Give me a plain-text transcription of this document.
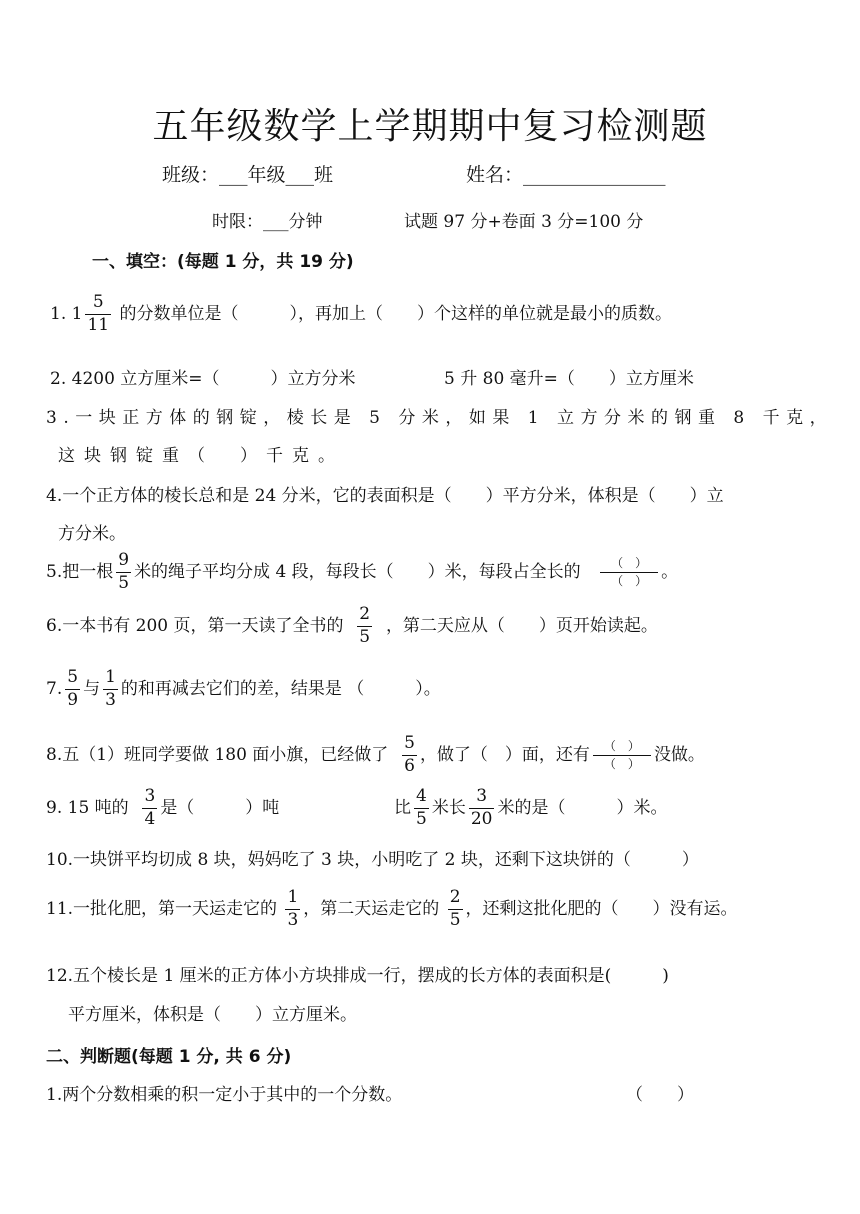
五年级数学上学期期中复习检测题
班级：___年级___班	姓名：_______________
时限：___分钟	试题 97 分+卷面 3 分=100 分
一、填空：(每题 1 分，共 19 分)
1. $1 \frac{5}{11}$ 的分数单位是（　　　），再加上（　　）个这样的单位就是最小的质数。
2. 4200 立方厘米=（　　　）立方分米	5 升 80 毫升=（　　）立方厘米
3.一块正方体的钢锭，棱长是 5 分米，如果 1 立方分米的钢重 8 千克，
这块钢锭重（　）千克。
4.一个正方体的棱长总和是 24 分米，它的表面积是（　　）平方分米，体积是（　　）立
方分米。
5.把一根 $\frac{9}{5}$ 米的绳子平均分成 4 段，每段长（　　）米，每段占全长的 $\frac{( )}{( )}$ 。
6.一本书有 200 页，第一天读了全书的 $\frac{2}{5}$ ，第二天应从（　　）页开始读起。
7. $\frac{5}{9}$ 与 $\frac{1}{3}$ 的和再减去它们的差，结果是 （　　　）。
8.五（1）班同学要做 180 面小旗，已经做了 $\frac{5}{6}$ ，做了（　）面，还有 $\frac{( )}{( )}$ 没做。
9. 15 吨的 $\frac{3}{4}$ 是（　　　）吨	比 $\frac{4}{5}$ 米长 $\frac{3}{20}$ 米的是（　　　）米。
10.一块饼平均切成 8 块，妈妈吃了 3 块，小明吃了 2 块，还剩下这块饼的（　　　）
11.一批化肥，第一天运走它的 $\frac{1}{3}$ ，第二天运走它的 $\frac{2}{5}$ ，还剩这批化肥的（　　）没有运。
12.五个棱长是 1 厘米的正方体小方块排成一行，摆成的长方体的表面积是(　　　)
平方厘米，体积是（　　）立方厘米。
二、判断题(每题 1 分, 共 6 分)
1.两个分数相乘的积一定小于其中的一个分数。	（　　）
